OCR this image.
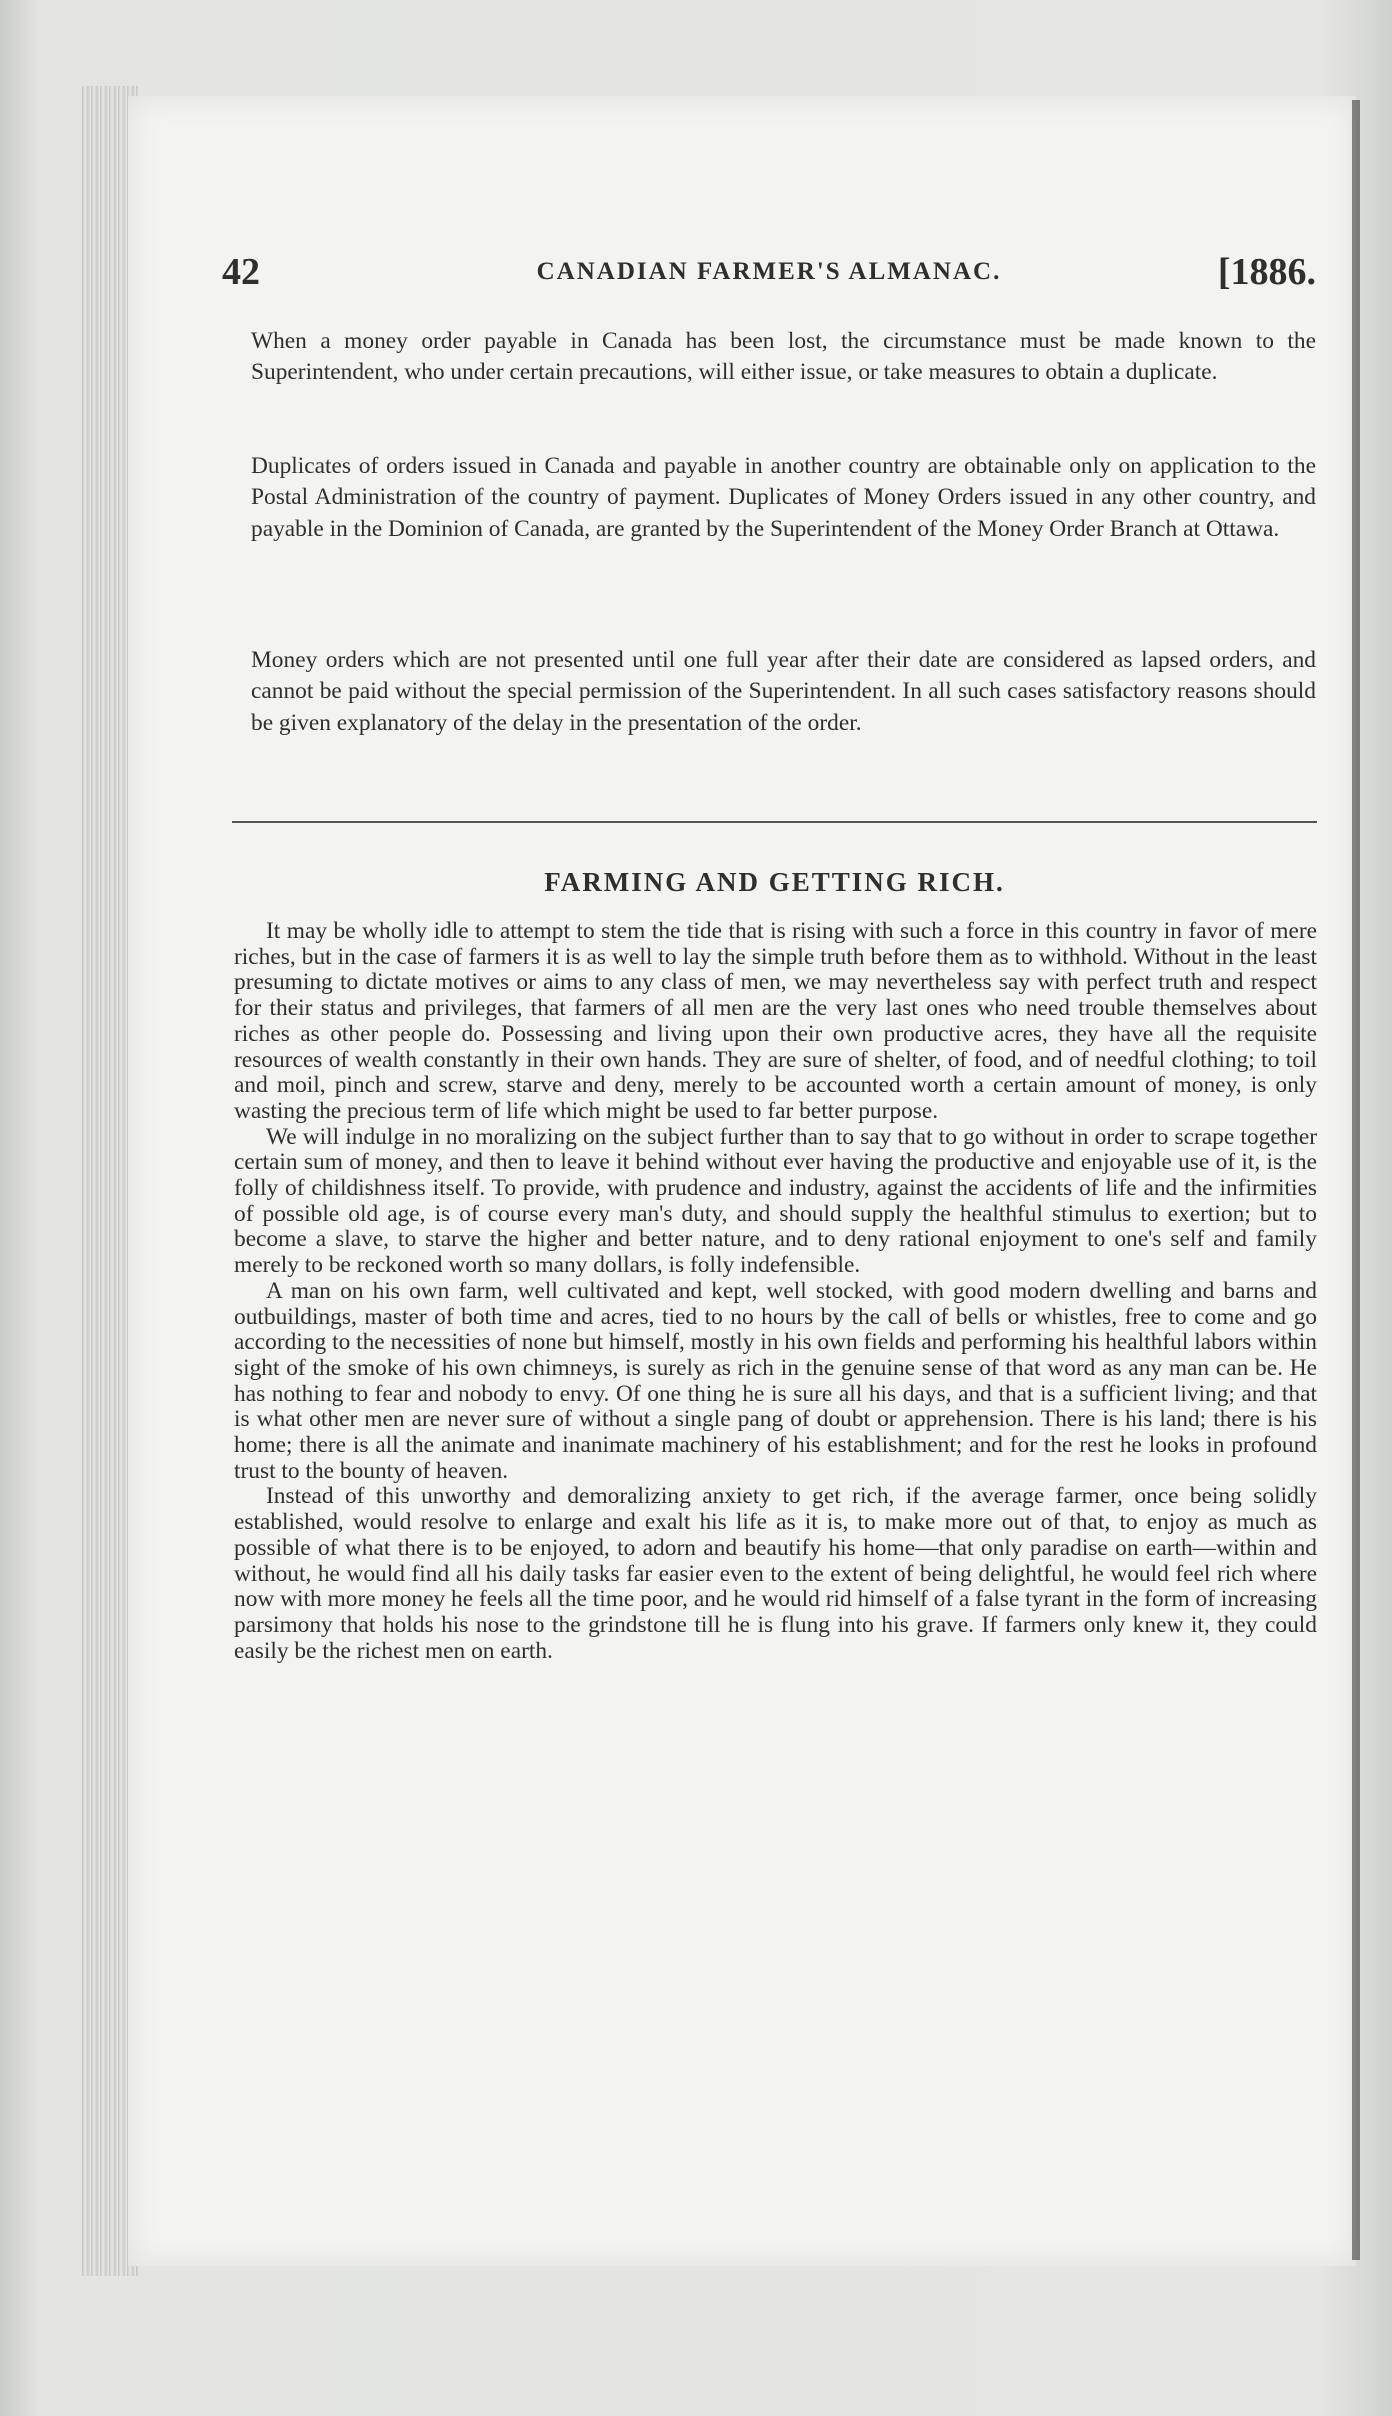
42	CANADIAN FARMER'S ALMANAC.	[1886.

When a money order payable in Canada has been lost, the circumstance must be made known to the Superintendent, who under certain precautions, will either issue, or take measures to obtain a duplicate.

Duplicates of orders issued in Canada and payable in another country are obtainable only on application to the Postal Administration of the country of payment. Duplicates of Money Orders issued in any other country, and payable in the Dominion of Canada, are granted by the Superintendent of the Money Order Branch at Ottawa.

Money orders which are not presented until one full year after their date are considered as lapsed orders, and cannot be paid without the special permission of the Superintendent. In all such cases satisfactory reasons should be given explanatory of the delay in the presentation of the order.

FARMING AND GETTING RICH.

It may be wholly idle to attempt to stem the tide that is rising with such a force in this country in favor of mere riches, but in the case of farmers it is as well to lay the simple truth before them as to withhold. Without in the least presuming to dictate motives or aims to any class of men, we may nevertheless say with perfect truth and respect for their status and privileges, that farmers of all men are the very last ones who need trouble themselves about riches as other people do. Possessing and living upon their own productive acres, they have all the requisite resources of wealth constantly in their own hands. They are sure of shelter, of food, and of needful clothing; to toil and moil, pinch and screw, starve and deny, merely to be accounted worth a certain amount of money, is only wasting the precious term of life which might be used to far better purpose.

We will indulge in no moralizing on the subject further than to say that to go without in order to scrape together certain sum of money, and then to leave it behind without ever having the productive and enjoyable use of it, is the folly of childishness itself. To provide, with prudence and industry, against the accidents of life and the infirmities of possible old age, is of course every man's duty, and should supply the healthful stimulus to exertion; but to become a slave, to starve the higher and better nature, and to deny rational enjoyment to one's self and family merely to be reckoned worth so many dollars, is folly indefensible.

A man on his own farm, well cultivated and kept, well stocked, with good modern dwelling and barns and outbuildings, master of both time and acres, tied to no hours by the call of bells or whistles, free to come and go according to the necessities of none but himself, mostly in his own fields and performing his healthful labors within sight of the smoke of his own chimneys, is surely as rich in the genuine sense of that word as any man can be. He has nothing to fear and nobody to envy. Of one thing he is sure all his days, and that is a sufficient living; and that is what other men are never sure of without a single pang of doubt or apprehension. There is his land; there is his home; there is all the animate and inanimate machinery of his establishment; and for the rest he looks in profound trust to the bounty of heaven.

Instead of this unworthy and demoralizing anxiety to get rich, if the average farmer, once being solidly established, would resolve to enlarge and exalt his life as it is, to make more out of that, to enjoy as much as possible of what there is to be enjoyed, to adorn and beautify his home—that only paradise on earth—within and without, he would find all his daily tasks far easier even to the extent of being delightful, he would feel rich where now with more money he feels all the time poor, and he would rid himself of a false tyrant in the form of increasing parsimony that holds his nose to the grindstone till he is flung into his grave. If farmers only knew it, they could easily be the richest men on earth.
